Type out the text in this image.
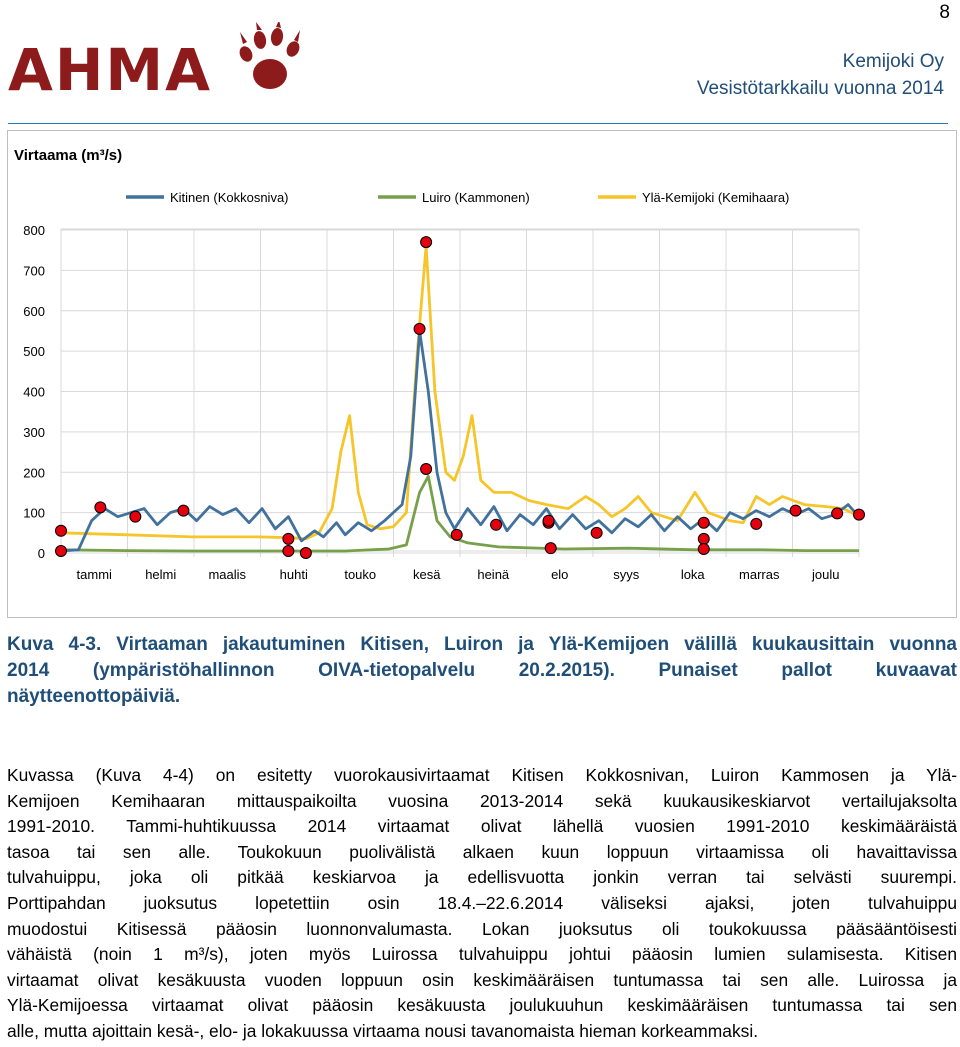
8
AHMA	Kemijoki Oy
Vesistötarkkailu vuonna 2014
Virtaama (m³/s)
Kitinen (Kokkosniva)	Luiro (Kammonen)	Ylä-Kemijoki (Kemihaara)
0
100
200
300
400
500
600
700
800
tammi	helmi maalis	huhti	touko	kesä	heinä	elo	syys	loka	marras	joulu
Kuva 4-3. Virtaaman jakautuminen Kitisen, Luiron ja Ylä-Kemijoen välillä kuukausittain vuonna
2014 (ympäristöhallinnon OIVA-tietopalvelu 20.2.2015). Punaiset pallot kuvaavat
näytteenottopäiviä.
Kuvassa (Kuva 4-4) on esitetty vuorokausivirtaamat Kitisen Kokkosnivan, Luiron Kammosen ja Ylä-
Kemijoen Kemihaaran mittauspaikoilta vuosina 2013-2014 sekä kuukausikeskiarvot vertailujaksolta
1991-2010. Tammi-huhtikuussa 2014 virtaamat olivat lähellä vuosien 1991-2010 keskimääräistä
tasoa tai sen alle. Toukokuun puolivälistä alkaen kuun loppuun virtaamissa oli havaittavissa
tulvahuippu, joka oli pitkää keskiarvoa ja edellisvuotta jonkin verran tai selvästi suurempi.
Porttipahdan juoksutus lopetettiin osin 18.4.–22.6.2014 väliseksi ajaksi, joten tulvahuippu
muodostui Kitisessä pääosin luonnonvalumasta. Lokan juoksutus oli toukokuussa pääsääntöisesti
vähäistä (noin 1 m³/s), joten myös Luirossa tulvahuippu johtui pääosin lumien sulamisesta. Kitisen
virtaamat olivat kesäkuusta vuoden loppuun osin keskimääräisen tuntumassa tai sen alle. Luirossa ja
Ylä-Kemijoessa virtaamat olivat pääosin kesäkuusta joulukuuhun keskimääräisen tuntumassa tai sen
alle, mutta ajoittain kesä-, elo- ja lokakuussa virtaama nousi tavanomaista hieman korkeammaksi.
